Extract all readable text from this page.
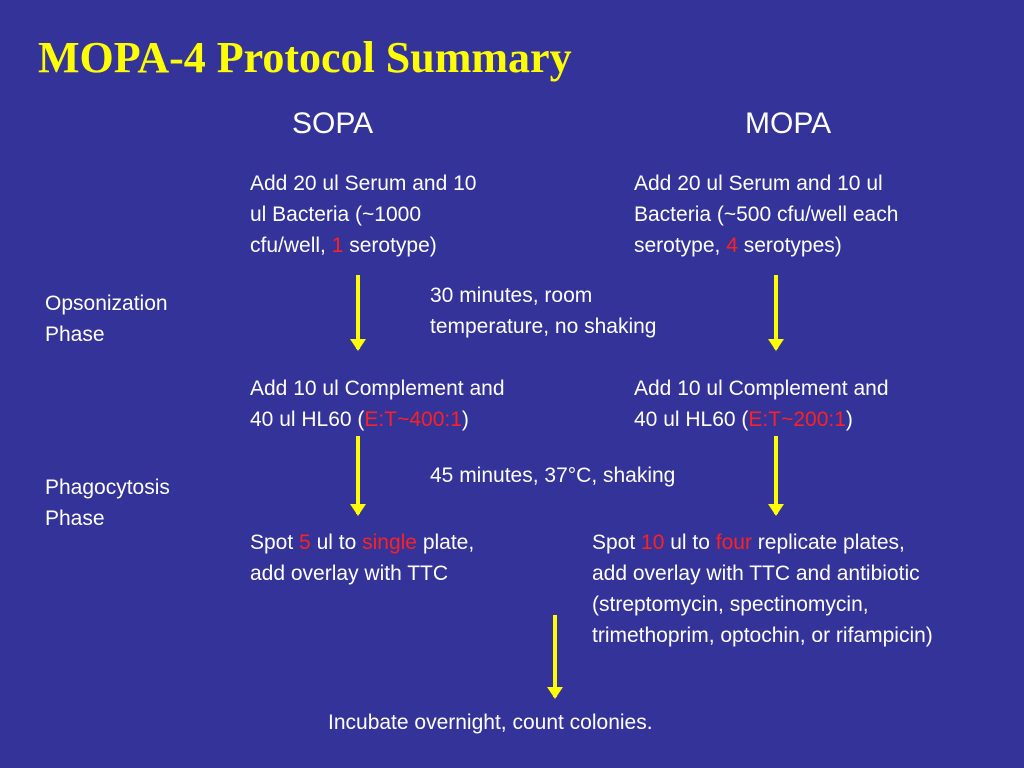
MOPA-4 Protocol Summary
SOPA	MOPA
Opsonization
Phase
Phagocytosis
Phase
Add 20 ul Serum and 10
ul Bacteria (~1000
cfu/well, 1 serotype)
Add 20 ul Serum and 10 ul
Bacteria (~500 cfu/well each
serotype, 4 serotypes)
30 minutes, room
temperature, no shaking
Add 10 ul Complement and
40 ul HL60 (E:T~400:1)
Add 10 ul Complement and
40 ul HL60 (E:T~200:1)
45 minutes, 37°C, shaking
Spot 5 ul to single plate,
add overlay with TTC
Spot 10 ul to four replicate plates,
add overlay with TTC and antibiotic
(streptomycin, spectinomycin,
trimethoprim, optochin, or rifampicin)
Incubate overnight, count colonies.
